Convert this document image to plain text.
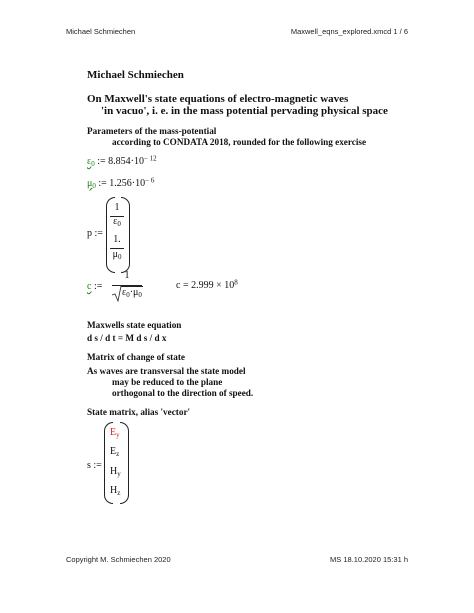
Michael Schmiechen	Maxwell_eqns_explored.xmcd 1 / 6
Michael Schmiechen
On Maxwell's state equations of electro-magnetic waves
'in vacuo', i. e. in the mass potential pervading physical space
Parameters of the mass-potential
according to CONDATA 2018, rounded for the following exercise
$\varepsilon_0$ := $8.854\cdot 10^{- 12}$
$\mu_0$ := $1.256\cdot 10^{- 6}$
p :=
1
$\varepsilon_0$
1.
$\mu_0$
c :=
1
$\varepsilon_0\cdot\mu_0$
$c = 2.999 \times 10^8$
Maxwells state equation
d s / d t = M d s / d x
Matrix of change of state
As waves are transversal the state model
may be reduced to the plane
orthogonal to the direction of speed.
State matrix, alias 'vector'
s :=
$E_y$
$E_z$
$H_y$
$H_z$
Copyright M. Schmiechen 2020	MS 18.10.2020 15:31 h
